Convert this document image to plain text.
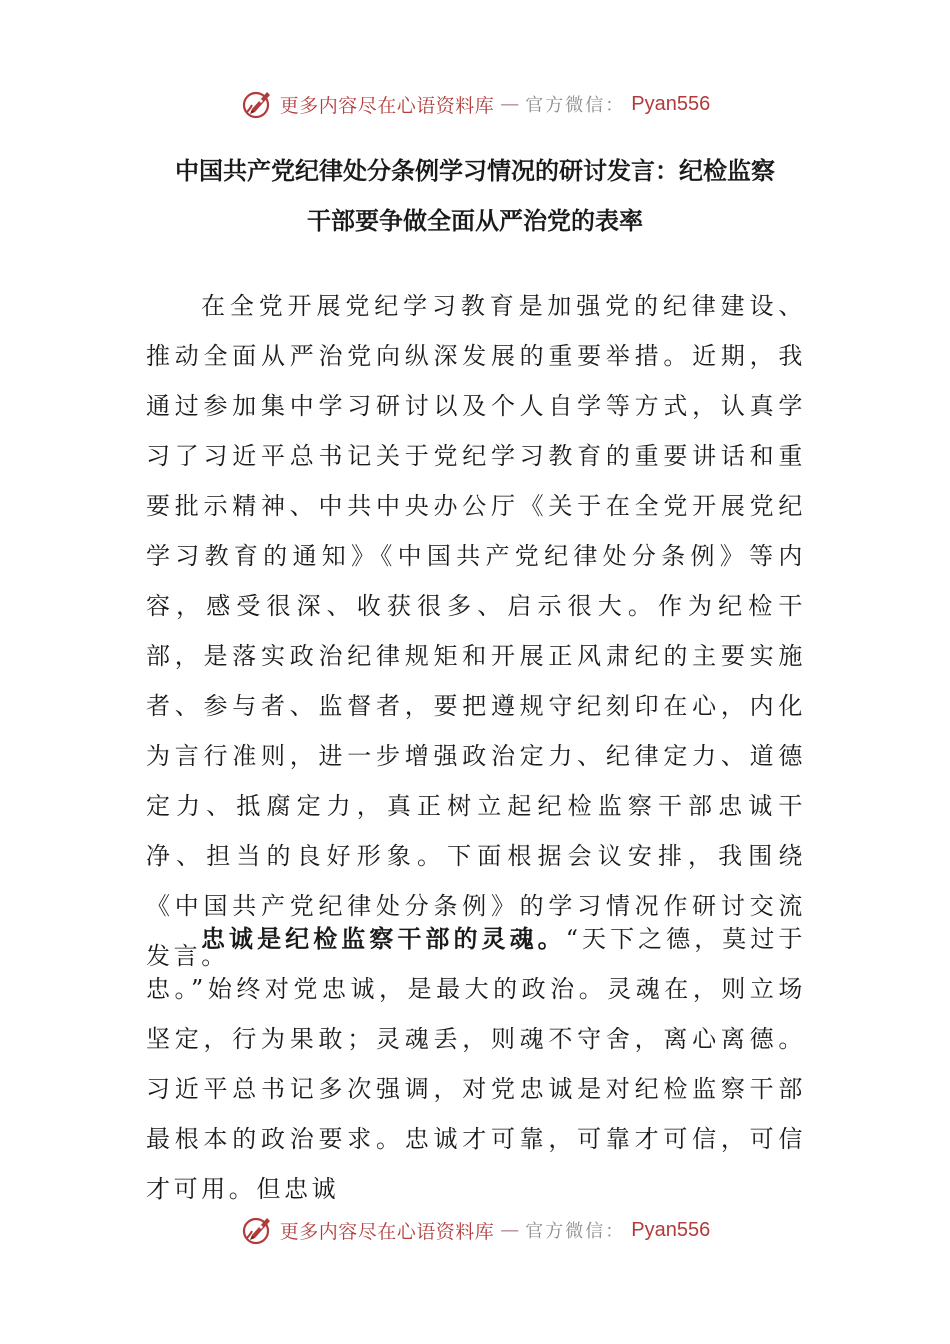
更多内容尽在心语资料库 — 官方微信： Pyan556
中国共产党纪律处分条例学习情况的研讨发言：纪检监察
干部要争做全面从严治党的表率

在全党开展党纪学习教育是加强党的纪律建设、推动全面从严治党向纵深发展的重要举措。近期，我通过参加集中学习研讨以及个人自学等方式，认真学习了习近平总书记关于党纪学习教育的重要讲话和重要批示精神、中共中央办公厅《关于在全党开展党纪学习教育的通知》《中国共产党纪律处分条例》等内容，感受很深、收获很多、启示很大。作为纪检干部，是落实政治纪律规矩和开展正风肃纪的主要实施者、参与者、监督者，要把遵规守纪刻印在心，内化为言行准则，进一步增强政治定力、纪律定力、道德定力、抵腐定力，真正树立起纪检监察干部忠诚干净、担当的良好形象。下面根据会议安排，我围绕《中国共产党纪律处分条例》的学习情况作研讨交流发言。

忠诚是纪检监察干部的灵魂。“天下之德，莫过于忠。”始终对党忠诚，是最大的政治。灵魂在，则立场坚定，行为果敢；灵魂丢，则魂不守舍，离心离德。习近平总书记多次强调，对党忠诚是对纪检监察干部最根本的政治要求。忠诚才可靠，可靠才可信，可信才可用。但忠诚

更多内容尽在心语资料库 — 官方微信： Pyan556
